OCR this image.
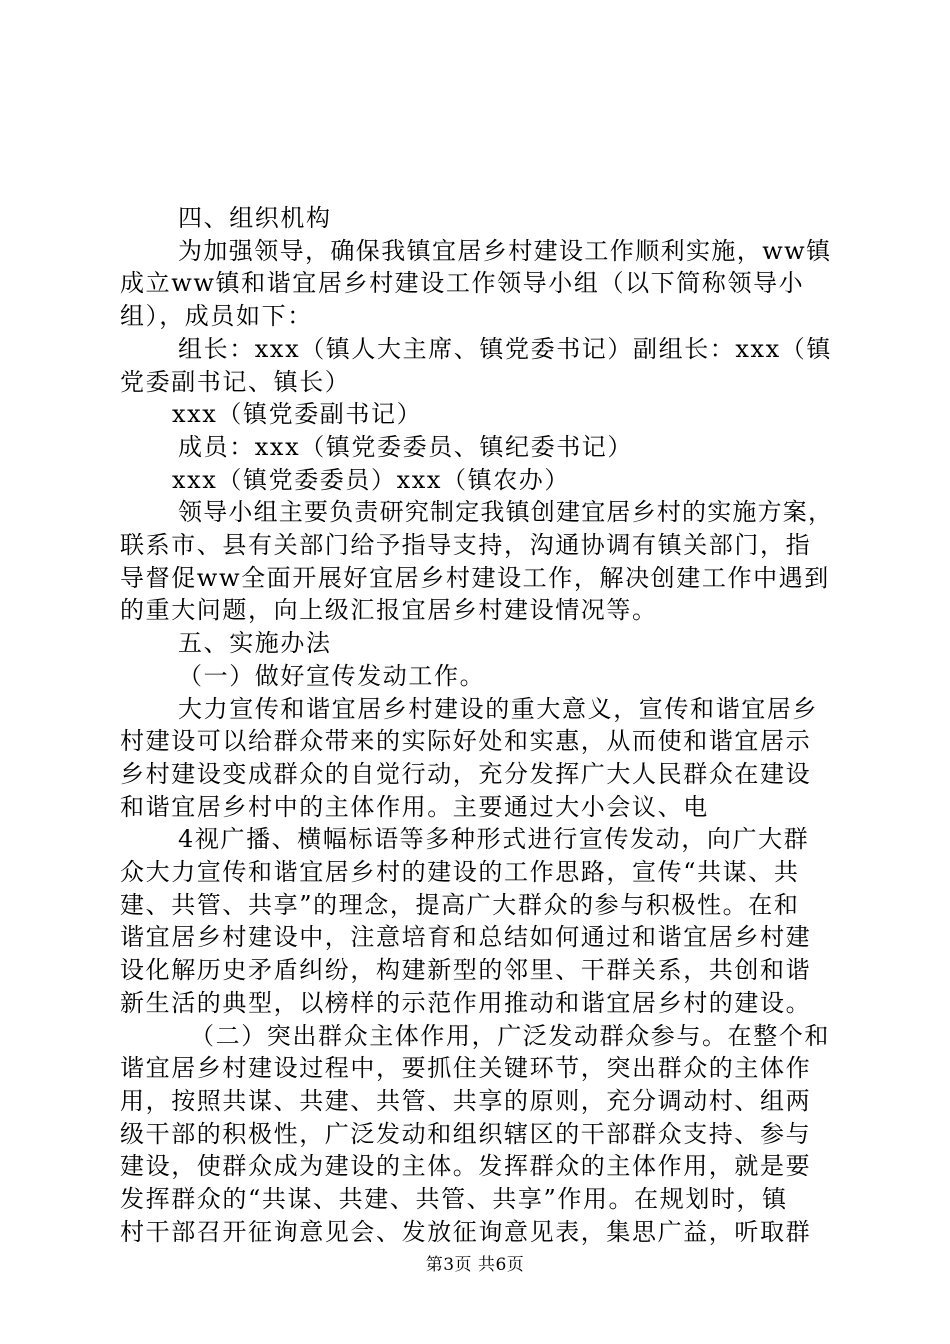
四、组织机构

为加强领导，确保我镇宜居乡村建设工作顺利实施，ww镇

成立ww镇和谐宜居乡村建设工作领导小组（以下简称领导小

组），成员如下：

组长：xxx（镇人大主席、镇党委书记）副组长：xxx（镇

党委副书记、镇长）

xxx（镇党委副书记）

成员：xxx（镇党委委员、镇纪委书记）

xxx（镇党委委员）xxx（镇农办）

领导小组主要负责研究制定我镇创建宜居乡村的实施方案，

联系市、县有关部门给予指导支持，沟通协调有镇关部门，指

导督促ww全面开展好宜居乡村建设工作，解决创建工作中遇到

的重大问题，向上级汇报宜居乡村建设情况等。

五、实施办法

（一）做好宣传发动工作。

大力宣传和谐宜居乡村建设的重大意义，宣传和谐宜居乡

村建设可以给群众带来的实际好处和实惠，从而使和谐宜居示

乡村建设变成群众的自觉行动，充分发挥广大人民群众在建设

和谐宜居乡村中的主体作用。主要通过大小会议、电

4视广播、横幅标语等多种形式进行宣传发动，向广大群

众大力宣传和谐宜居乡村的建设的工作思路，宣传“共谋、共

建、共管、共享”的理念，提高广大群众的参与积极性。在和

谐宜居乡村建设中，注意培育和总结如何通过和谐宜居乡村建

设化解历史矛盾纠纷，构建新型的邻里、干群关系，共创和谐

新生活的典型，以榜样的示范作用推动和谐宜居乡村的建设。

（二）突出群众主体作用，广泛发动群众参与。在整个和

谐宜居乡村建设过程中，要抓住关键环节，突出群众的主体作

用，按照共谋、共建、共管、共享的原则，充分调动村、组两

级干部的积极性，广泛发动和组织辖区的干部群众支持、参与

建设，使群众成为建设的主体。发挥群众的主体作用，就是要

发挥群众的“共谋、共建、共管、共享”作用。在规划时，镇

村干部召开征询意见会、发放征询意见表，集思广益，听取群

第3页 共6页
